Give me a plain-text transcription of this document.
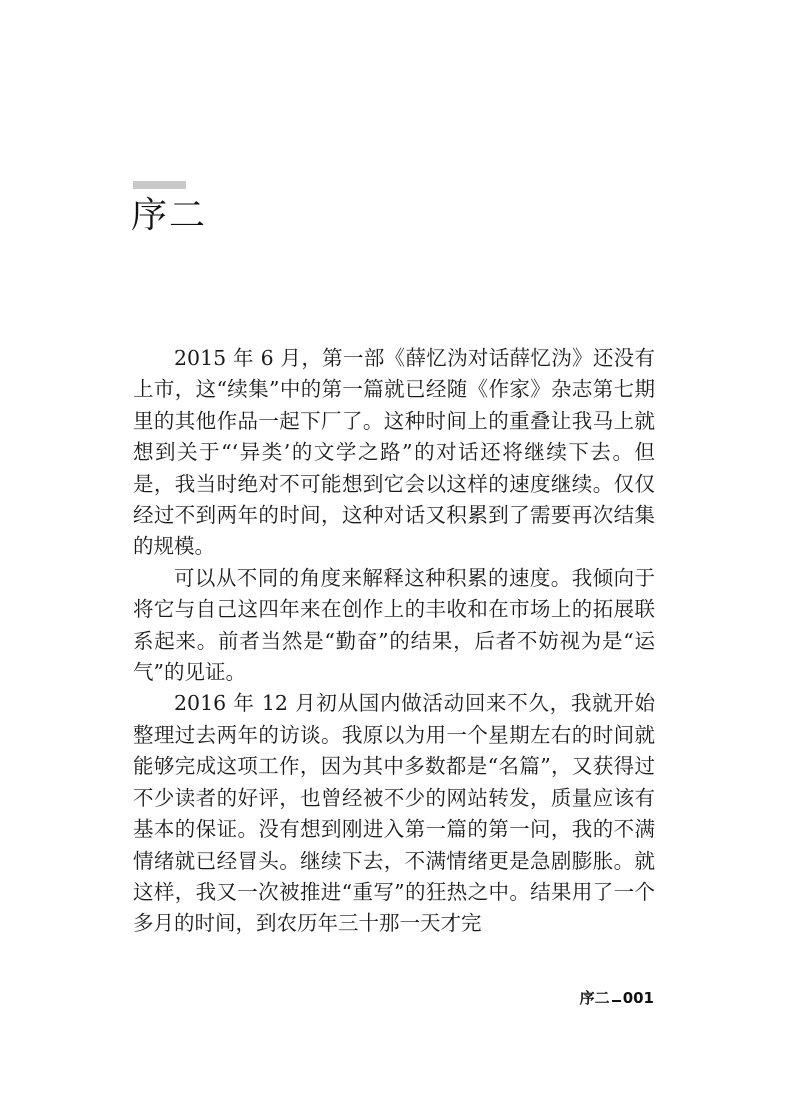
序二

2015 年 6 月，第一部《薛忆沩对话薛忆沩》还没有上市，这“续集”中的第一篇就已经随《作家》杂志第七期里的其他作品一起下厂了。这种时间上的重叠让我马上就想到关于“‘异类’的文学之路”的对话还将继续下去。但是，我当时绝对不可能想到它会以这样的速度继续。仅仅经过不到两年的时间，这种对话又积累到了需要再次结集的规模。

可以从不同的角度来解释这种积累的速度。我倾向于将它与自己这四年来在创作上的丰收和在市场上的拓展联系起来。前者当然是“勤奋”的结果，后者不妨视为是“运气”的见证。

2016 年 12 月初从国内做活动回来不久，我就开始整理过去两年的访谈。我原以为用一个星期左右的时间就能够完成这项工作，因为其中多数都是“名篇”，又获得过不少读者的好评，也曾经被不少的网站转发，质量应该有基本的保证。没有想到刚进入第一篇的第一问，我的不满情绪就已经冒头。继续下去，不满情绪更是急剧膨胀。就这样，我又一次被推进“重写”的狂热之中。结果用了一个多月的时间，到农历年三十那一天才完

序二 001
